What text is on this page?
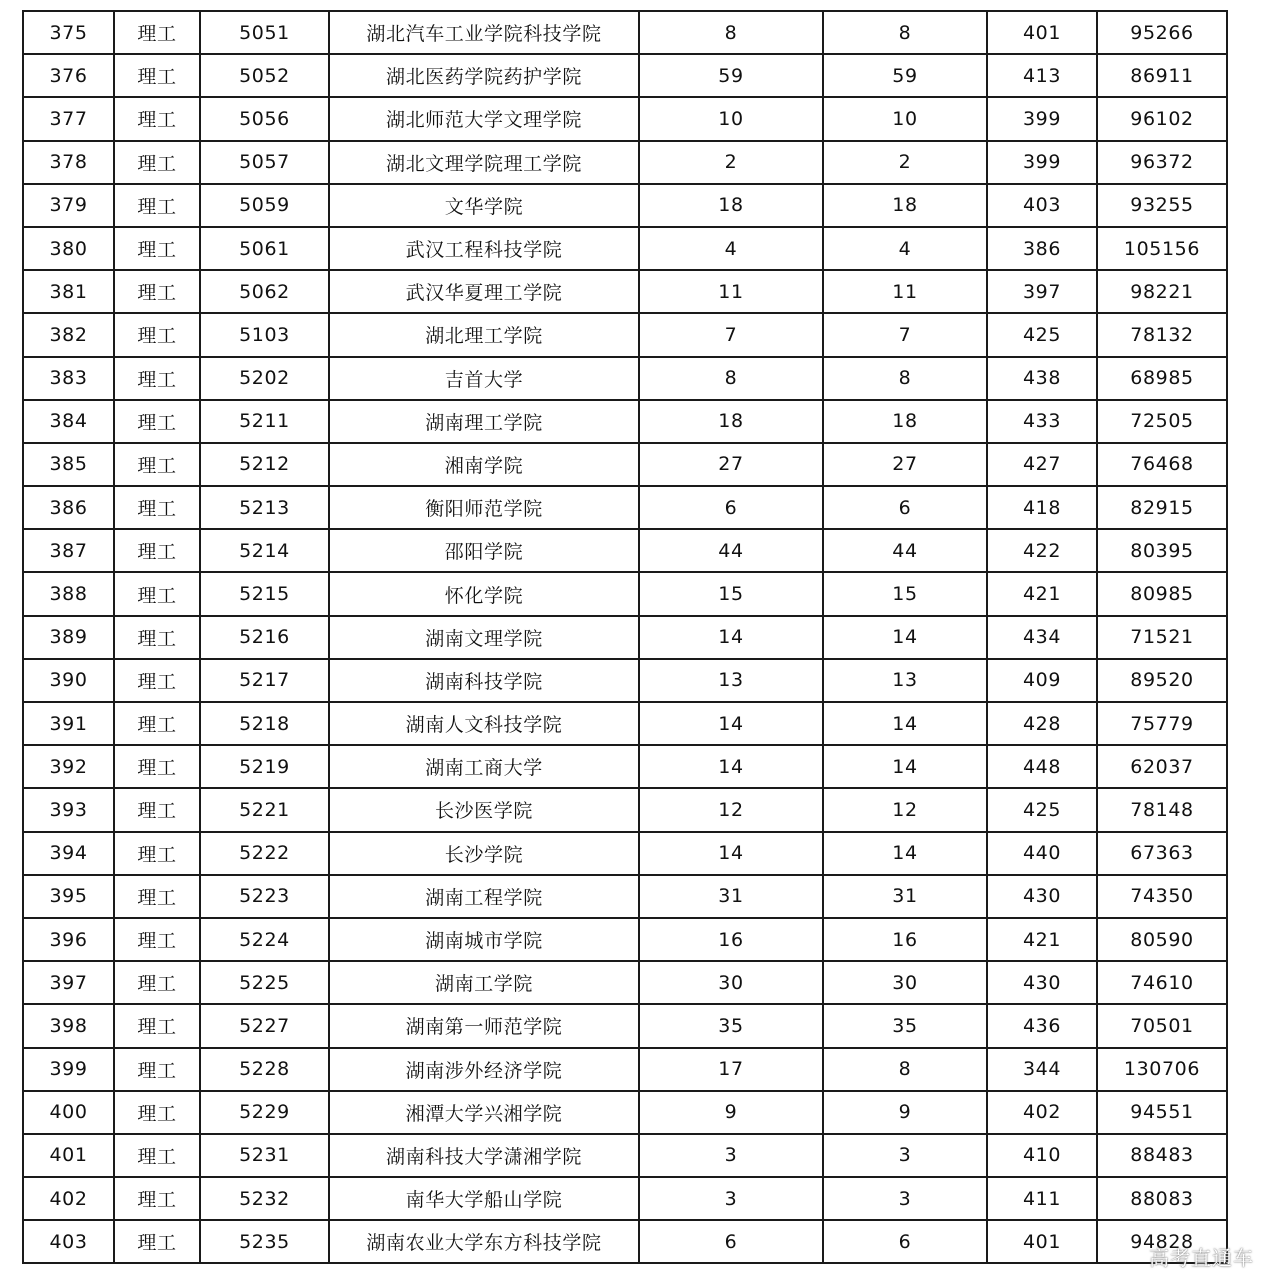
375	理工	5051	湖北汽车工业学院科技学院	8	8	401	95266
376	理工	5052	湖北医药学院药护学院	59	59	413	86911
377	理工	5056	湖北师范大学文理学院	10	10	399	96102
378	理工	5057	湖北文理学院理工学院	2	2	399	96372
379	理工	5059	文华学院	18	18	403	93255
380	理工	5061	武汉工程科技学院	4	4	386	105156
381	理工	5062	武汉华夏理工学院	11	11	397	98221
382	理工	5103	湖北理工学院	7	7	425	78132
383	理工	5202	吉首大学	8	8	438	68985
384	理工	5211	湖南理工学院	18	18	433	72505
385	理工	5212	湘南学院	27	27	427	76468
386	理工	5213	衡阳师范学院	6	6	418	82915
387	理工	5214	邵阳学院	44	44	422	80395
388	理工	5215	怀化学院	15	15	421	80985
389	理工	5216	湖南文理学院	14	14	434	71521
390	理工	5217	湖南科技学院	13	13	409	89520
391	理工	5218	湖南人文科技学院	14	14	428	75779
392	理工	5219	湖南工商大学	14	14	448	62037
393	理工	5221	长沙医学院	12	12	425	78148
394	理工	5222	长沙学院	14	14	440	67363
395	理工	5223	湖南工程学院	31	31	430	74350
396	理工	5224	湖南城市学院	16	16	421	80590
397	理工	5225	湖南工学院	30	30	430	74610
398	理工	5227	湖南第一师范学院	35	35	436	70501
399	理工	5228	湖南涉外经济学院	17	8	344	130706
400	理工	5229	湘潭大学兴湘学院	9	9	402	94551
401	理工	5231	湖南科技大学潇湘学院	3	3	410	88483
402	理工	5232	南华大学船山学院	3	3	411	88083
403	理工	5235	湖南农业大学东方科技学院	6	6	401	94828
高考直通车
